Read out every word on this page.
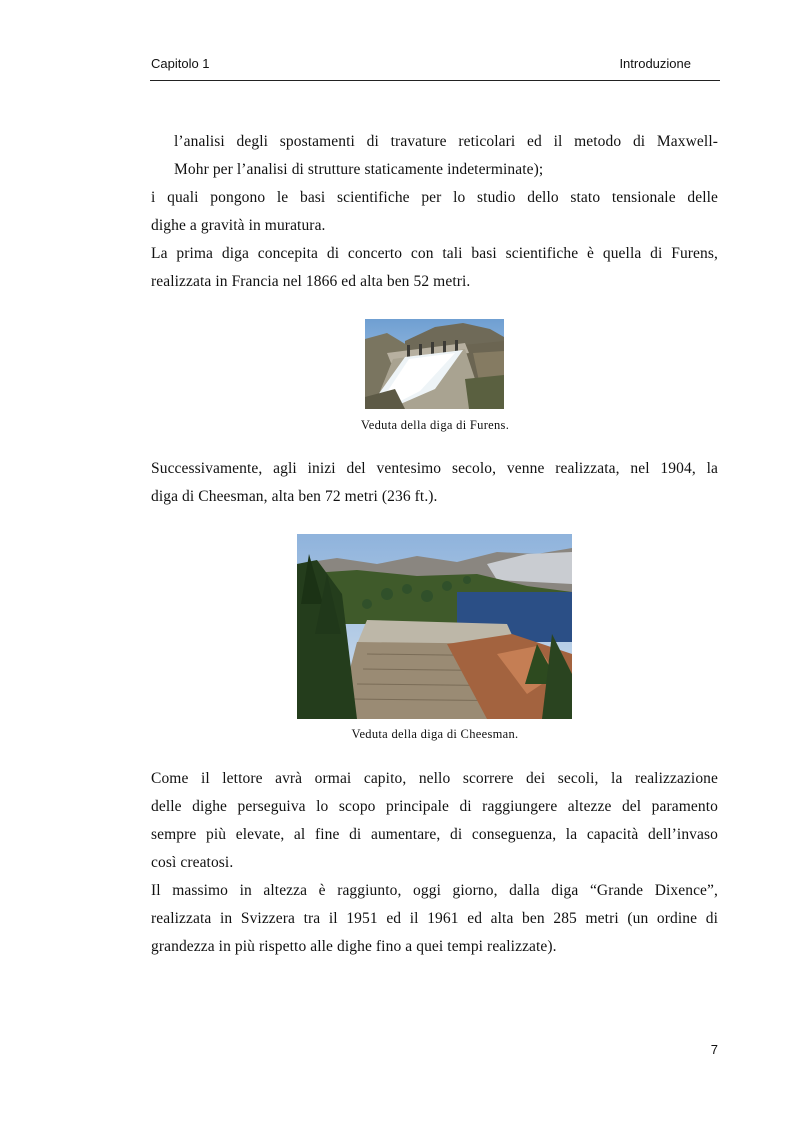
Capitolo 1	Introduzione
l’analisi degli spostamenti di travature reticolari ed il metodo di Maxwell-
Mohr per l’analisi di strutture staticamente indeterminate);
i quali pongono le basi scientifiche per lo studio dello stato tensionale delle
dighe a gravità in muratura.
La prima diga concepita di concerto con tali basi scientifiche è quella di Furens,
realizzata in Francia nel 1866 ed alta ben 52 metri.
Veduta della diga di Furens.
Successivamente, agli inizi del ventesimo secolo, venne realizzata, nel 1904, la
diga di Cheesman, alta ben 72 metri (236 ft.).
Veduta della diga di Cheesman.
Come il lettore avrà ormai capito, nello scorrere dei secoli, la realizzazione
delle dighe perseguiva lo scopo principale di raggiungere altezze del paramento
sempre più elevate, al fine di aumentare, di conseguenza, la capacità dell’invaso
così creatosi.
Il massimo in altezza è raggiunto, oggi giorno, dalla diga “Grande Dixence”,
realizzata in Svizzera tra il 1951 ed il 1961 ed alta ben 285 metri (un ordine di
grandezza in più rispetto alle dighe fino a quei tempi realizzate).
7
